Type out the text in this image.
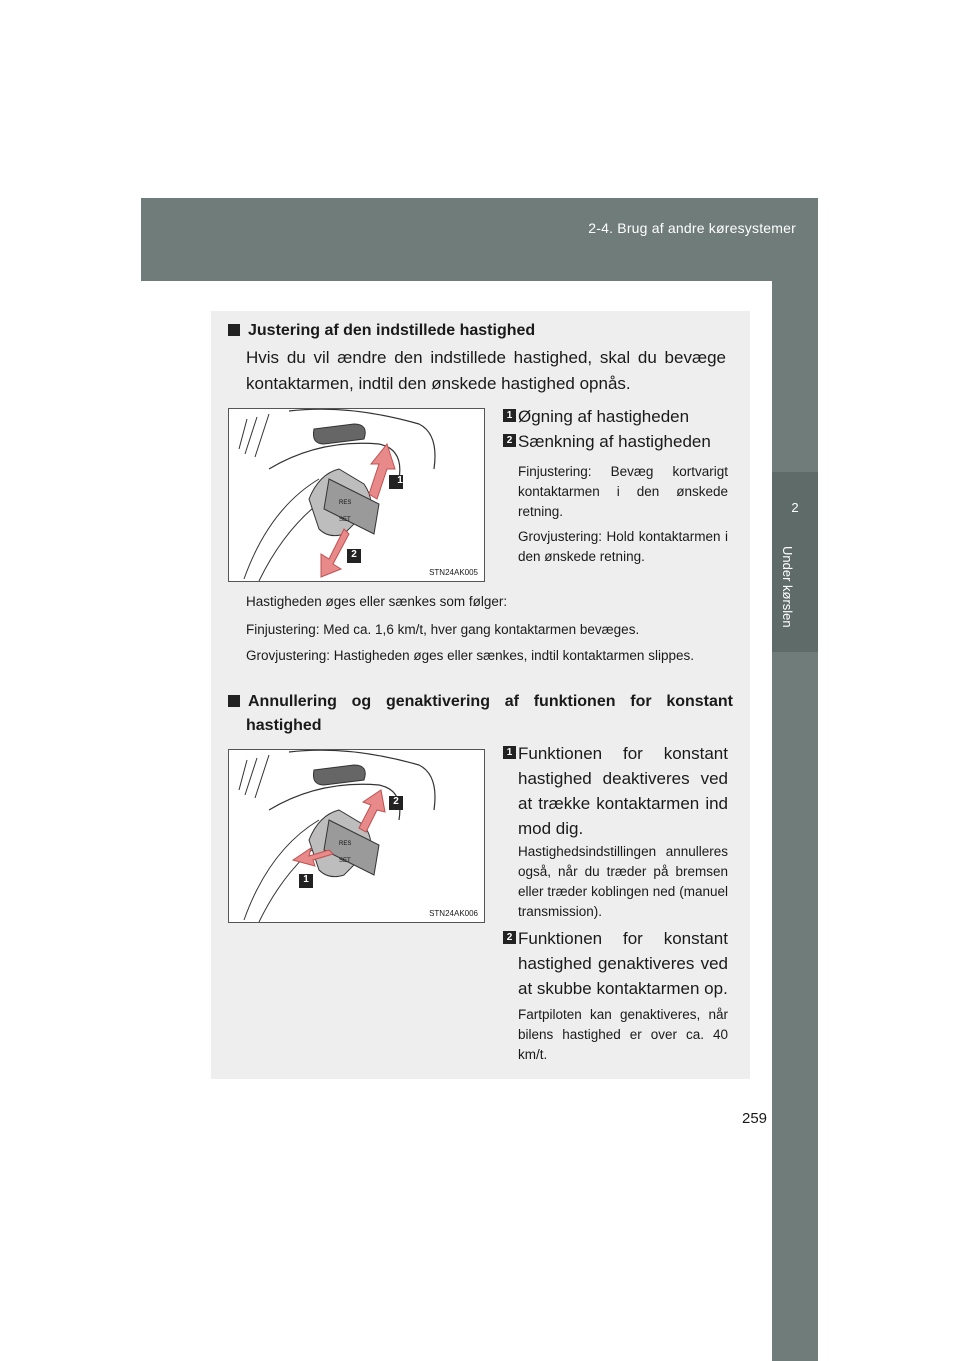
2-4. Brug af andre køresystemer
2
Under kørslen
Justering af den indstillede hastighed
Hvis du vil ændre den indstillede hastighed, skal du bevæge kontaktarmen, indtil den ønskede hastighed opnås.
RES
SET
1
2
STN24AK005
1 Øgning af hastigheden
2 Sænkning af hastigheden
Finjustering: Bevæg kortvarigt kontaktarmen i den ønskede retning.
Grovjustering: Hold kontaktarmen i den ønskede retning.
Hastigheden øges eller sænkes som følger:
Finjustering: Med ca. 1,6 km/t, hver gang kontaktarmen bevæges.
Grovjustering: Hastigheden øges eller sænkes, indtil kontaktarmen slippes.
Annullering og genaktivering af funktionen for konstant
hastighed
RES
SET
1
2
STN24AK006
1 Funktionen for konstant hastighed deaktiveres ved at trække kontaktarmen ind mod dig.
Hastighedsindstillingen annulleres også, når du træder på bremsen eller træder koblingen ned (manuel transmission).
2 Funktionen for konstant hastighed genaktiveres ved at skubbe kontaktarmen op.
Fartpiloten kan genaktiveres, når bilens hastighed er over ca. 40 km/t.
259
